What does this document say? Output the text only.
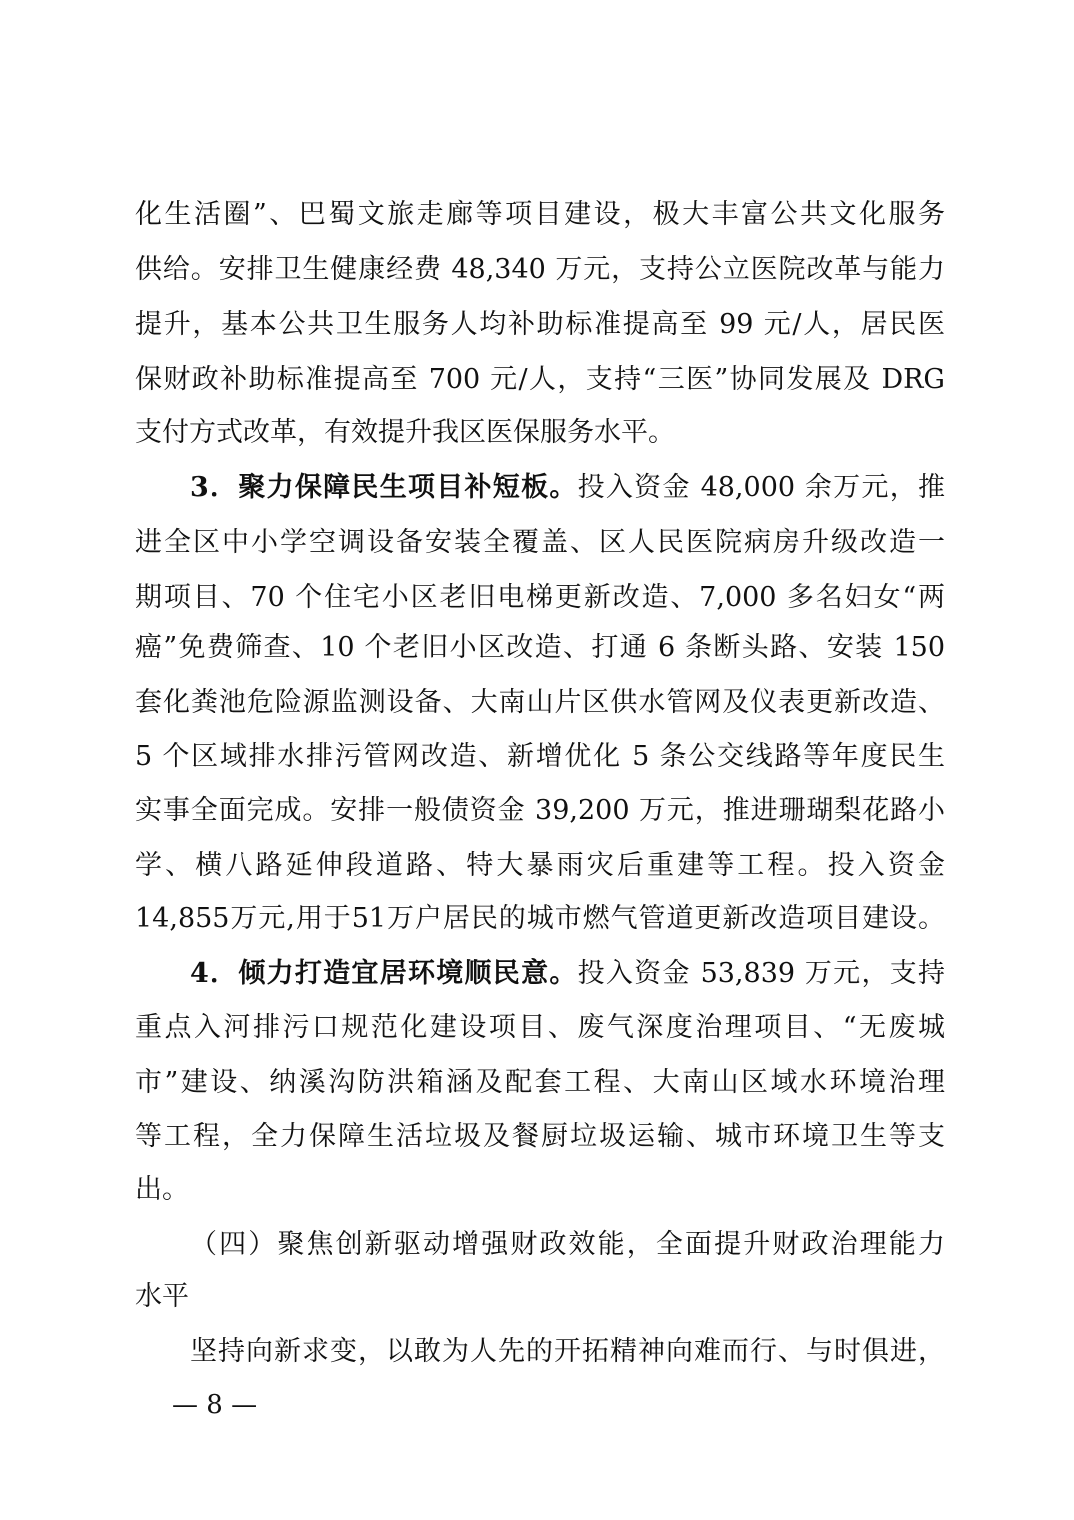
化生活圈”、巴蜀文旅走廊等项目建设，极大丰富公共文化服务
供给。安排卫生健康经费 48,340 万元，支持公立医院改革与能力
提升，基本公共卫生服务人均补助标准提高至 99 元/人，居民医
保财政补助标准提高至 700 元/人，支持“三医”协同发展及 DRG
支付方式改革，有效提升我区医保服务水平。
3．聚力保障民生项目补短板。投入资金 48,000 余万元，推
进全区中小学空调设备安装全覆盖、区人民医院病房升级改造一
期项目、70 个住宅小区老旧电梯更新改造、7,000 多名妇女“两
癌”免费筛查、10 个老旧小区改造、打通 6 条断头路、安装 150
套化粪池危险源监测设备、大南山片区供水管网及仪表更新改造、
5 个区域排水排污管网改造、新增优化 5 条公交线路等年度民生
实事全面完成。安排一般债资金 39,200 万元，推进珊瑚梨花路小
学、横八路延伸段道路、特大暴雨灾后重建等工程。投入资金
14,855万元,用于51万户居民的城市燃气管道更新改造项目建设。
4．倾力打造宜居环境顺民意。投入资金 53,839 万元，支持
重点入河排污口规范化建设项目、废气深度治理项目、“无废城
市”建设、纳溪沟防洪箱涵及配套工程、大南山区域水环境治理
等工程，全力保障生活垃圾及餐厨垃圾运输、城市环境卫生等支
出。
（四）聚焦创新驱动增强财政效能，全面提升财政治理能力
水平
坚持向新求变，以敢为人先的开拓精神向难而行、与时俱进，
— 8 —
